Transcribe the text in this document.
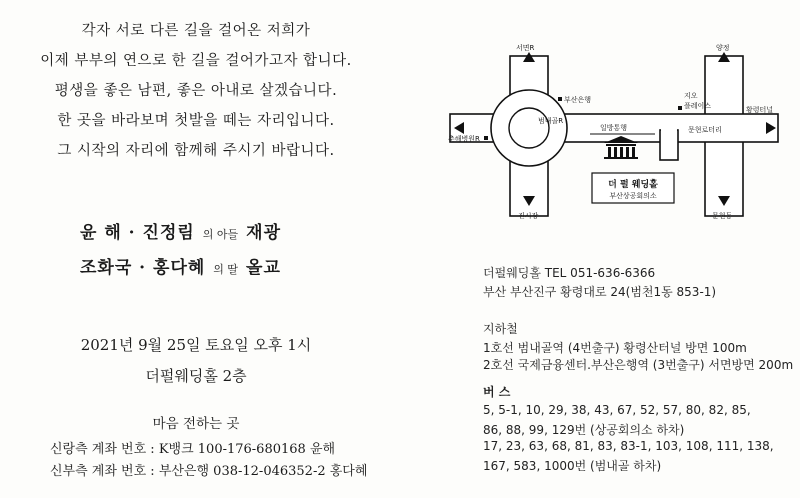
각자 서로 다른 길을 걸어온 저희가
이제 부부의 연으로 한 길을 걸어가고자 합니다.
평생을 좋은 남편, 좋은 아내로 살겠습니다.
한 곳을 바라보며 첫발을 떼는 자리입니다.
그 시작의 자리에 함께해 주시기 바랍니다.
윤 해 · 진정림 의 아들 재광
조화국 · 홍다혜 의 딸 올교
2021년 9월 25일 토요일 오후 1시
더펄웨딩홀 2층
마음 전하는 곳
신랑측 계좌 번호 : K뱅크 100-176-680168 윤해
신부측 계좌 번호 : 부산은행 038-12-046352-2 홍다혜
서면R
부산은행
범내골R
춘해병원R
일방통행
지오
플레이스
문현로터리
황령터널
양정
진시장	문현동
더 펄 웨딩홀
부산상공회의소
더펄웨딩홀 TEL 051-636-6366
부산 부산진구 황령대로 24(범천1동 853-1)
지하철
1호선 범내골역 (4번출구) 황령산터널 방면 100m
2호선 국제금융센터.부산은행역 (3번출구) 서면방면 200m
버 스
5, 5-1, 10, 29, 38, 43, 67, 52, 57, 80, 82, 85,
86, 88, 99, 129번 (상공회의소 하차)
17, 23, 63, 68, 81, 83, 83-1, 103, 108, 111, 138,
167, 583, 1000번 (범내골 하차)
